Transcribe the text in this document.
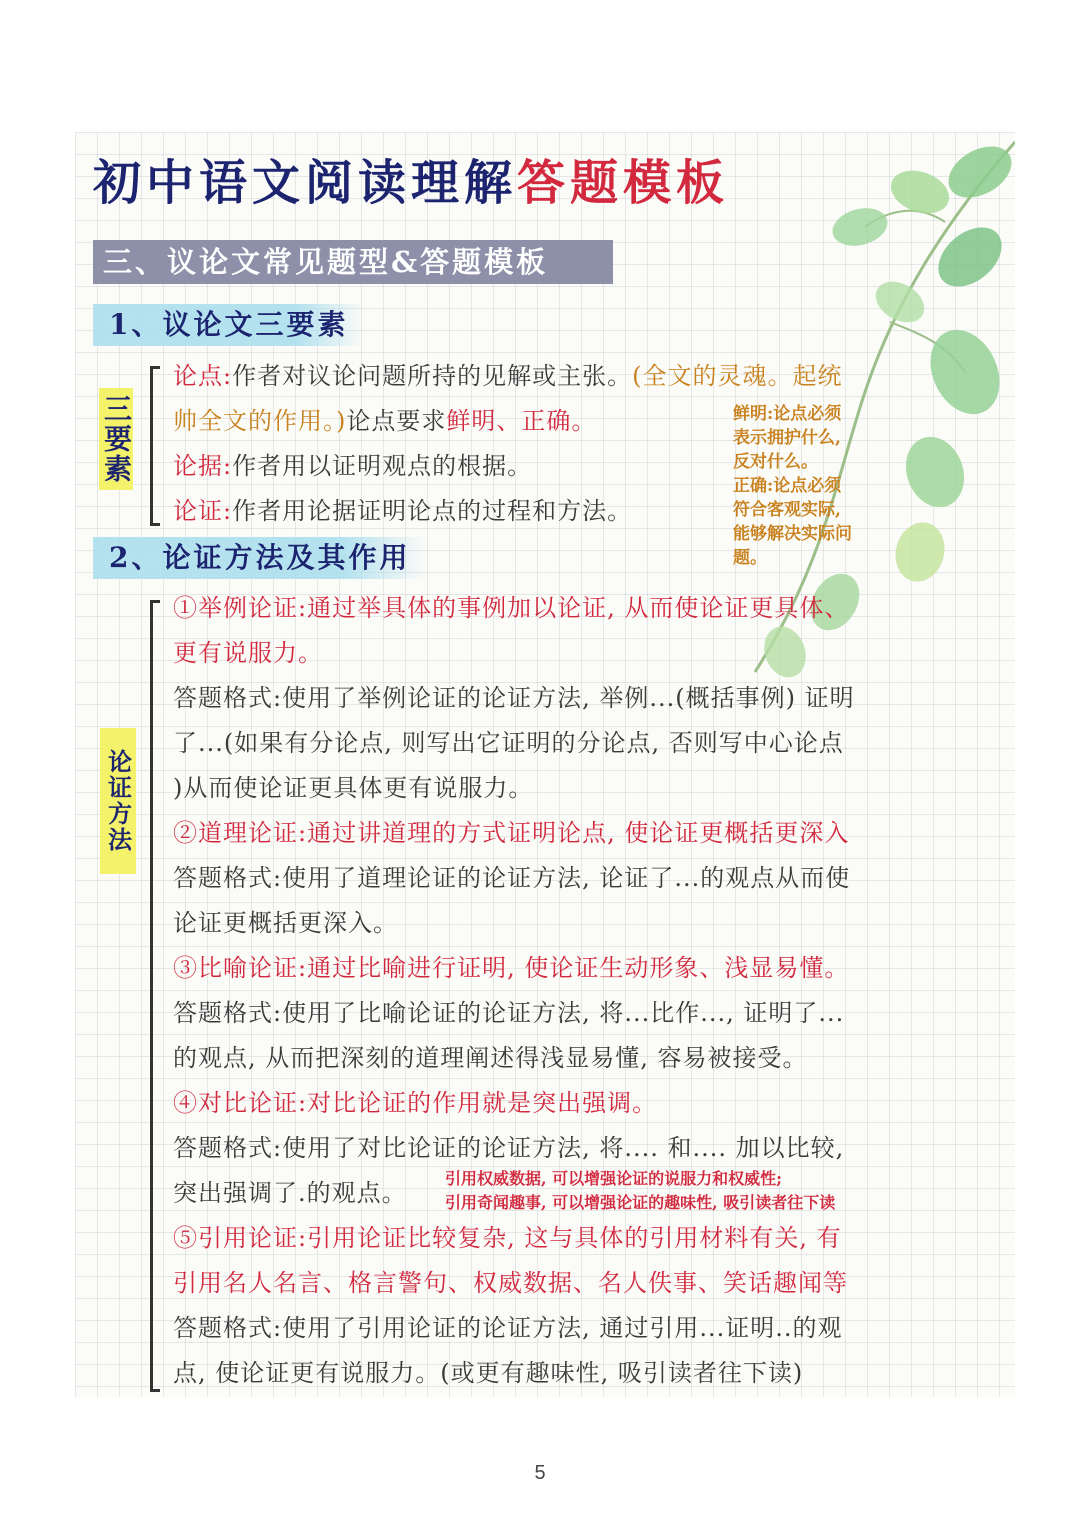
初中语文阅读理解答题模板
三、议论文常见题型&答题模板
1、议论文三要素
三要素
论点:作者对议论问题所持的见解或主张。(全文的灵魂。起统
帅全文的作用。)论点要求鲜明、正确。
论据:作者用以证明观点的根据。
论证:作者用论据证明论点的过程和方法。
鲜明:论点必须
表示拥护什么,
反对什么。
正确:论点必须
符合客观实际,
能够解决实际问
题。
2、论证方法及其作用
论证方法
①举例论证:通过举具体的事例加以论证, 从而使论证更具体、
更有说服力。
答题格式:使用了举例论证的论证方法, 举例...(概括事例) 证明
了...(如果有分论点, 则写出它证明的分论点, 否则写中心论点
)从而使论证更具体更有说服力。
②道理论证:通过讲道理的方式证明论点, 使论证更概括更深入
答题格式:使用了道理论证的论证方法, 论证了...的观点从而使
论证更概括更深入。
③比喻论证:通过比喻进行证明, 使论证生动形象、浅显易懂。
答题格式:使用了比喻论证的论证方法, 将...比作..., 证明了...
的观点, 从而把深刻的道理阐述得浅显易懂, 容易被接受。
④对比论证:对比论证的作用就是突出强调。
答题格式:使用了对比论证的论证方法, 将.... 和.... 加以比较,
突出强调了.的观点。
引用权威数据, 可以增强论证的说服力和权威性;
引用奇闻趣事, 可以增强论证的趣味性, 吸引读者往下读
⑤引用论证:引用论证比较复杂, 这与具体的引用材料有关, 有
引用名人名言、格言警句、权威数据、名人佚事、笑话趣闻等
答题格式:使用了引用论证的论证方法, 通过引用...证明..的观
点, 使论证更有说服力。(或更有趣味性, 吸引读者往下读)
5
